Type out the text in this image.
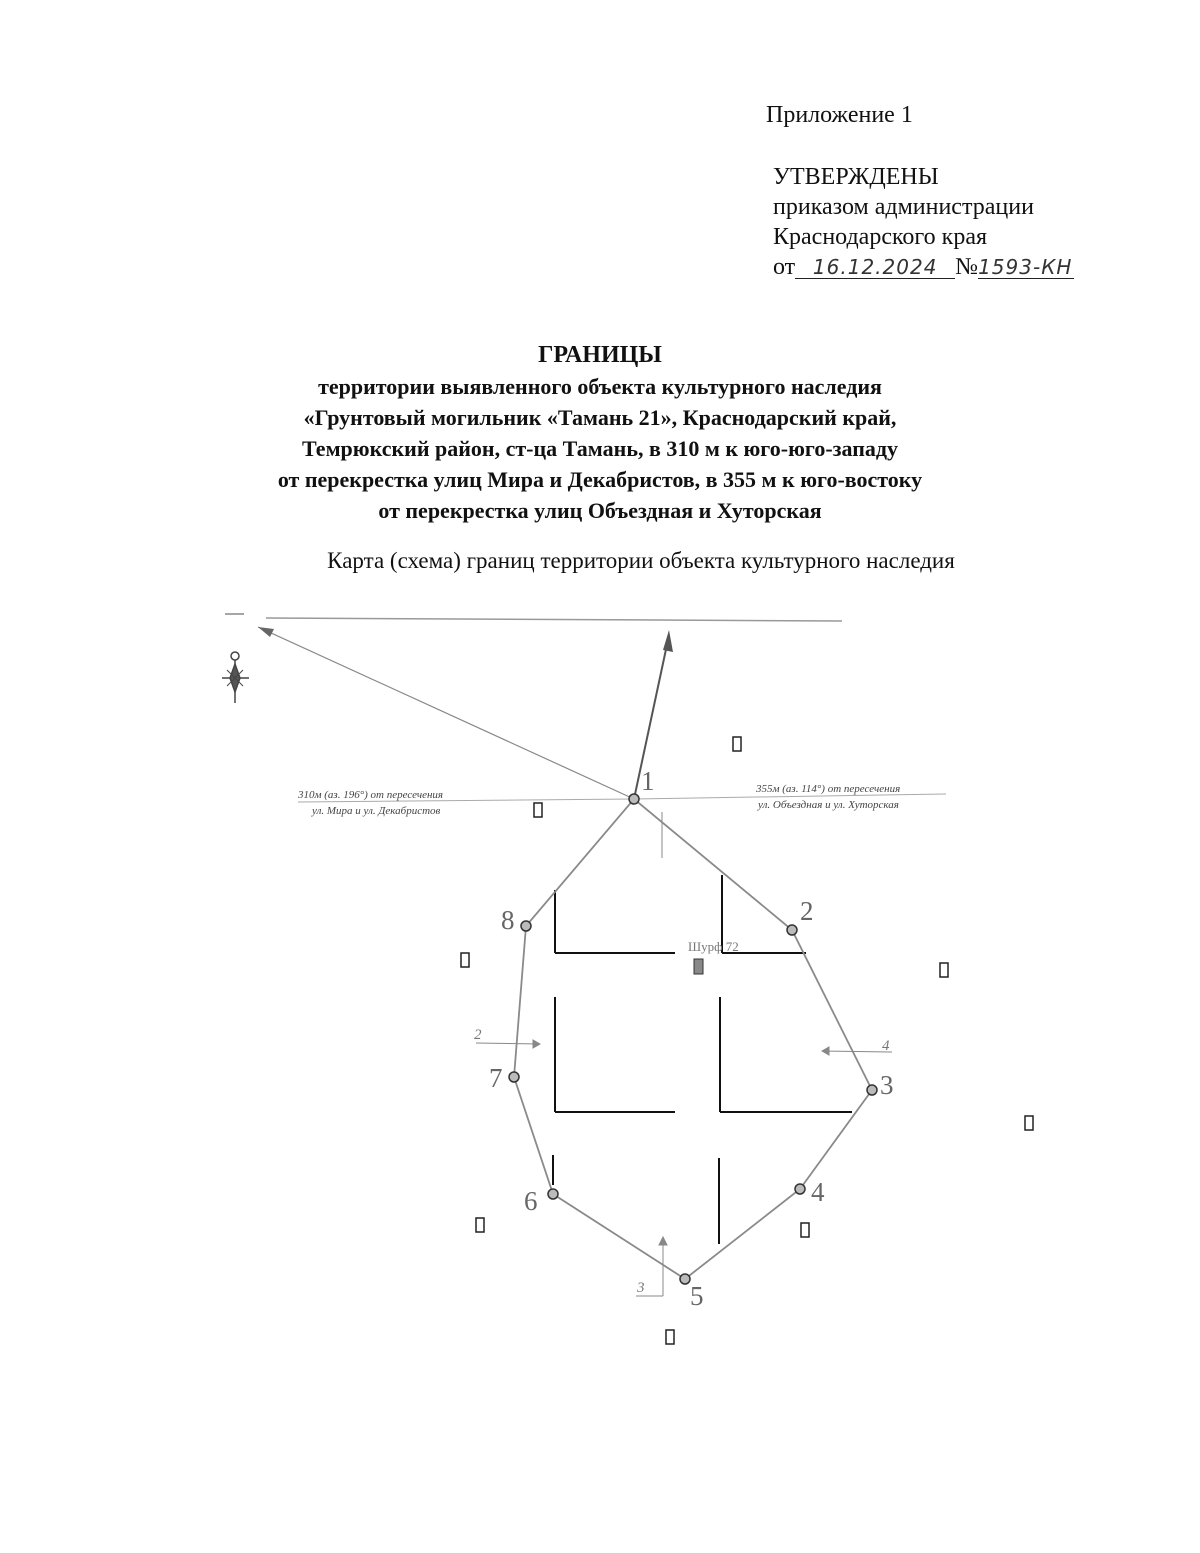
Приложение 1
УТВЕРЖДЕНЫ
приказом администрации
Краснодарского края
от 16.12.2024 №1593-КН
ГРАНИЦЫ
территории выявленного объекта культурного наследия
«Грунтовый могильник «Тамань 21», Краснодарский край,
Темрюкский район, ст-ца Тамань, в 310 м к юго-юго-западу
от перекрестка улиц Мира и Декабристов, в 355 м к юго-востоку
от перекрестка улиц Объездная и Хуторская
Карта (схема) границ территории объекта культурного наследия
310м (аз. 196°) от пересечения
ул. Мира и ул. Декабристов
355м (аз. 114°) от пересечения
ул. Объездная и ул. Хуторская
Шурф 72
1
2
3
4
5
6
7
8
2
4
3
